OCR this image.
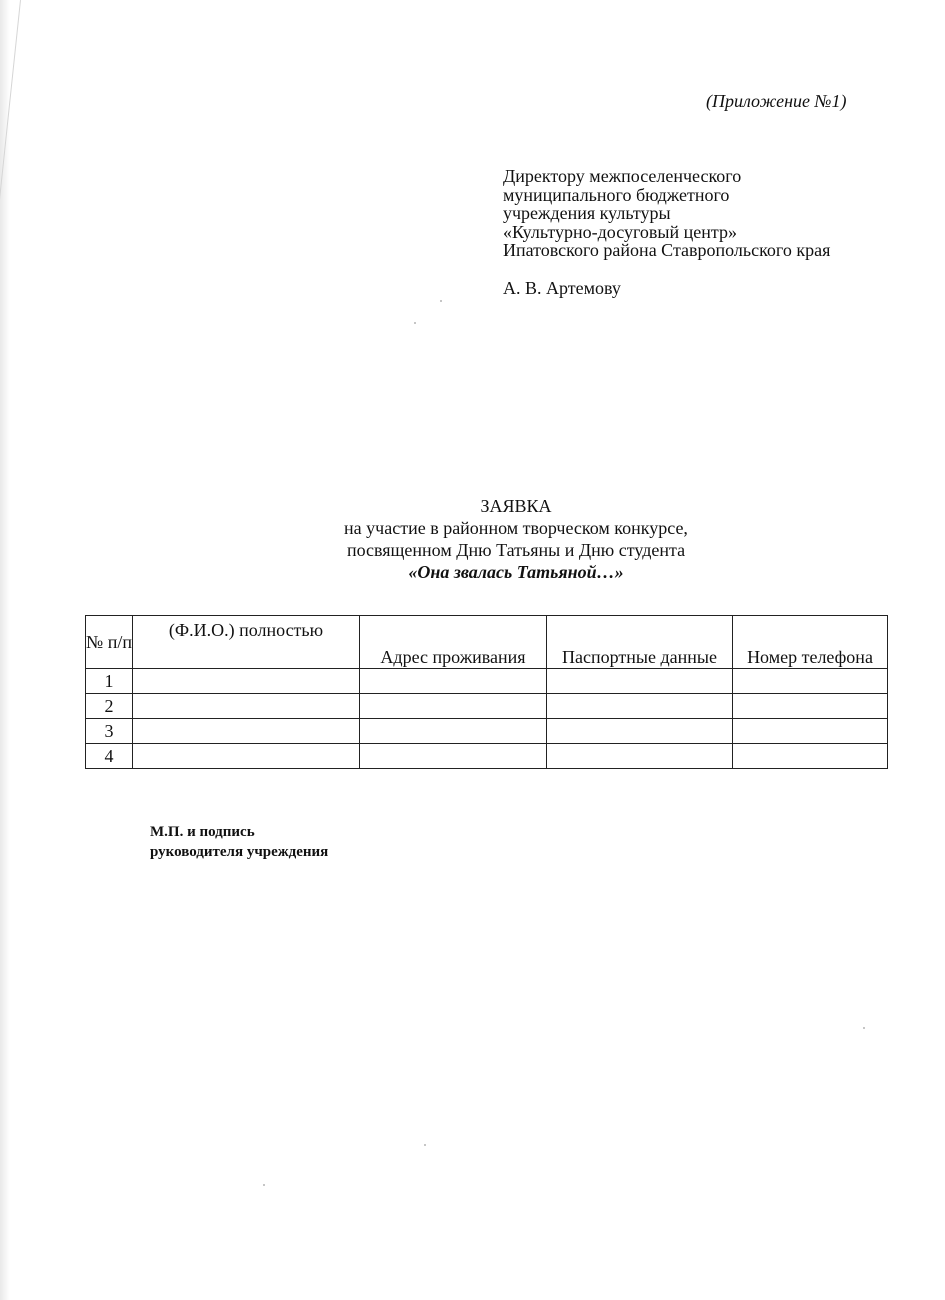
(Приложение №1)
Директору межпоселенческого
муниципального бюджетного
учреждения культуры
«Культурно-досуговый центр»
Ипатовского района Ставропольского края
А. В. Артемову
ЗАЯВКА
на участие в районном творческом конкурсе,
посвященном Дню Татьяны и Дню студента
«Она звалась Татьяной…»
№ п/п	(Ф.И.О.) полностью	Адрес проживания	Паспортные данные	Номер телефона
1				
2				
3				
4				
М.П. и подпись
руководителя учреждения
